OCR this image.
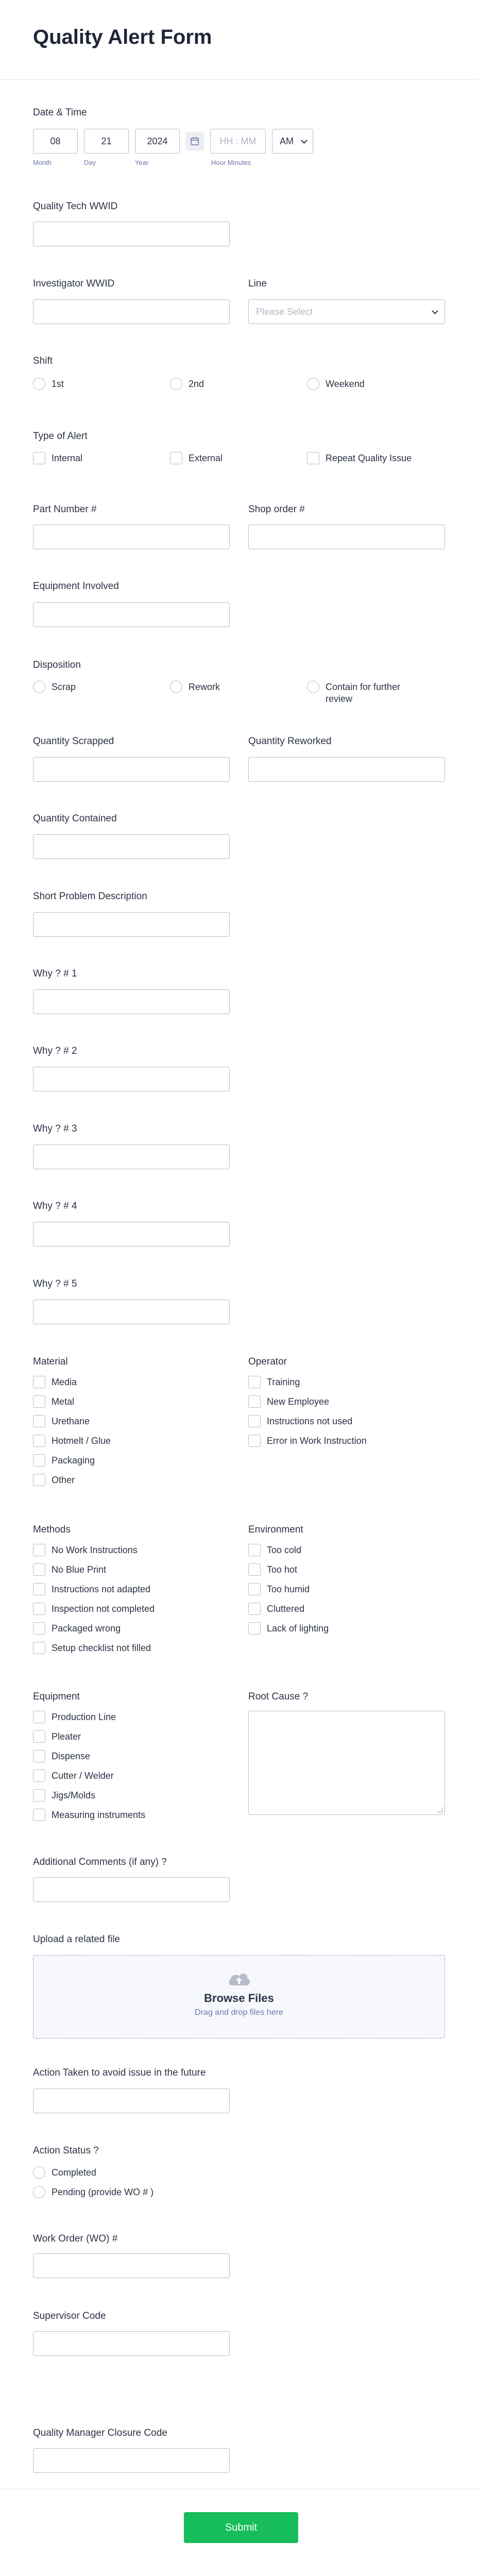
Quality Alert Form
Date & Time
08	21	2024	HH : MM	AM
Month	Day	Year	Hour Minutes
Quality Tech WWID
Investigator WWID	Line
Please Select
Shift
1st	2nd	Weekend
Type of Alert
Internal	External	Repeat Quality Issue
Part Number #	Shop order #
Equipment Involved
Disposition
Scrap	Rework	Contain for further
review
Quantity Scrapped	Quantity Reworked
Quantity Contained
Short Problem Description
Why ? # 1
Why ? # 2
Why ? # 3
Why ? # 4
Why ? # 5
Material
Media
Metal
Urethane
Hotmelt / Glue
Packaging
Other
Operator
Training
New Employee
Instructions not used
Error in Work Instruction
Methods
No Work Instructions
No Blue Print
Instructions not adapted
Inspection not completed
Packaged wrong
Setup checklist not filled
Environment
Too cold
Too hot
Too humid
Cluttered
Lack of lighting
Equipment
Production Line
Pleater
Dispense
Cutter / Welder
Jigs/Molds
Measuring instruments
Root Cause ?
Additional Comments (if any) ?
Upload a related file
Browse Files
Drag and drop files here
Action Taken to avoid issue in the future
Action Status ?
Completed
Pending (provide WO # )
Work Order (WO) #
Supervisor Code
Quality Manager Closure Code
Submit
